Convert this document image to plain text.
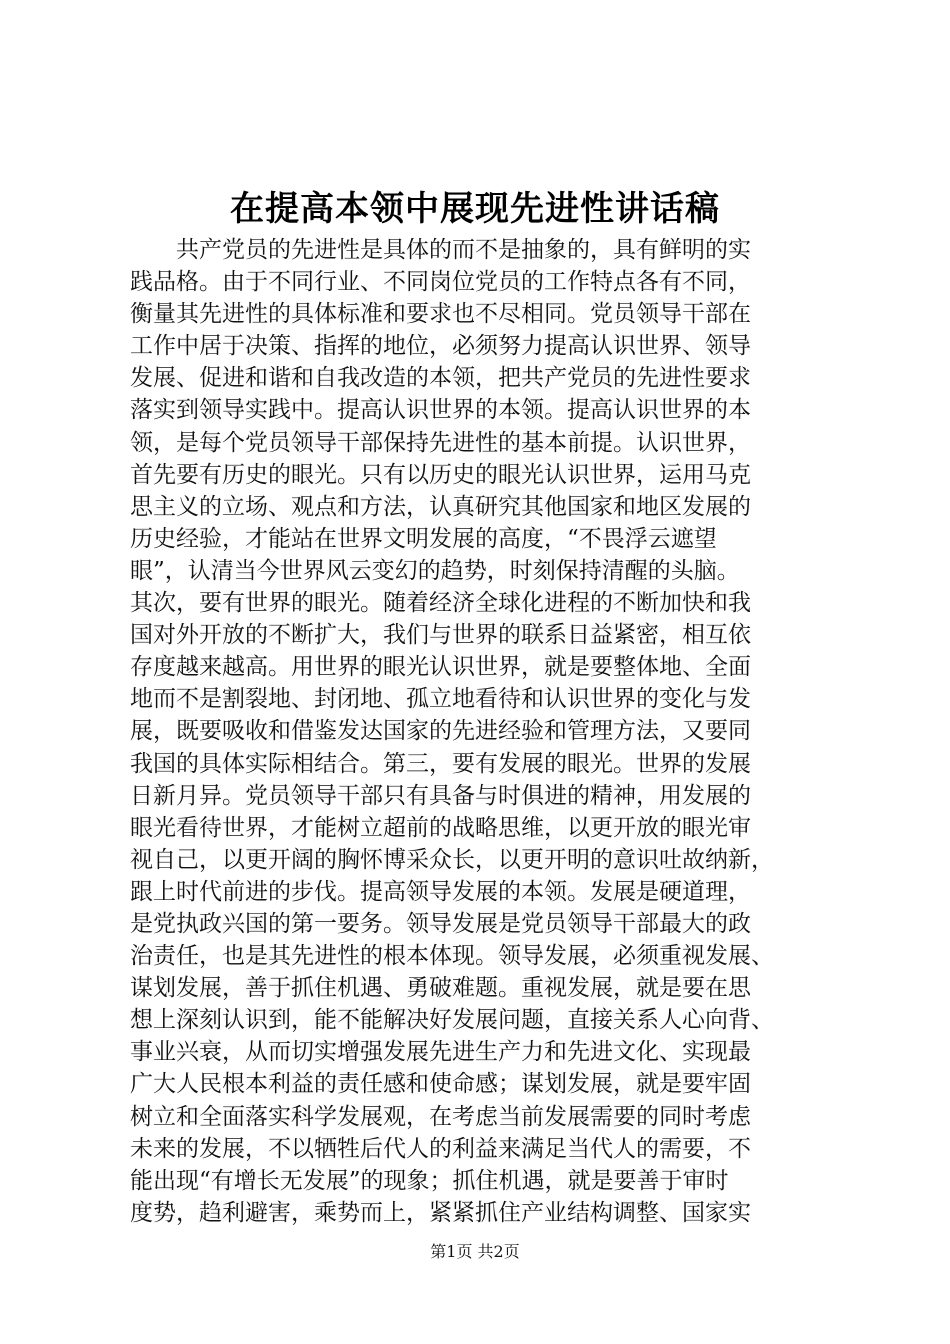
在提高本领中展现先进性讲话稿
共产党员的先进性是具体的而不是抽象的，具有鲜明的实
践品格。由于不同行业、不同岗位党员的工作特点各有不同，
衡量其先进性的具体标准和要求也不尽相同。党员领导干部在
工作中居于决策、指挥的地位，必须努力提高认识世界、领导
发展、促进和谐和自我改造的本领，把共产党员的先进性要求
落实到领导实践中。提高认识世界的本领。提高认识世界的本
领，是每个党员领导干部保持先进性的基本前提。认识世界，
首先要有历史的眼光。只有以历史的眼光认识世界，运用马克
思主义的立场、观点和方法，认真研究其他国家和地区发展的
历史经验，才能站在世界文明发展的高度，“不畏浮云遮望
眼”，认清当今世界风云变幻的趋势，时刻保持清醒的头脑。
其次，要有世界的眼光。随着经济全球化进程的不断加快和我
国对外开放的不断扩大，我们与世界的联系日益紧密，相互依
存度越来越高。用世界的眼光认识世界，就是要整体地、全面
地而不是割裂地、封闭地、孤立地看待和认识世界的变化与发
展，既要吸收和借鉴发达国家的先进经验和管理方法，又要同
我国的具体实际相结合。第三，要有发展的眼光。世界的发展
日新月异。党员领导干部只有具备与时俱进的精神，用发展的
眼光看待世界，才能树立超前的战略思维，以更开放的眼光审
视自己，以更开阔的胸怀博采众长，以更开明的意识吐故纳新，
跟上时代前进的步伐。提高领导发展的本领。发展是硬道理，
是党执政兴国的第一要务。领导发展是党员领导干部最大的政
治责任，也是其先进性的根本体现。领导发展，必须重视发展、
谋划发展，善于抓住机遇、勇破难题。重视发展，就是要在思
想上深刻认识到，能不能解决好发展问题，直接关系人心向背、
事业兴衰，从而切实增强发展先进生产力和先进文化、实现最
广大人民根本利益的责任感和使命感；谋划发展，就是要牢固
树立和全面落实科学发展观，在考虑当前发展需要的同时考虑
未来的发展，不以牺牲后代人的利益来满足当代人的需要，不
能出现“有增长无发展”的现象；抓住机遇，就是要善于审时
度势，趋利避害，乘势而上，紧紧抓住产业结构调整、国家实
第1页 共2页
